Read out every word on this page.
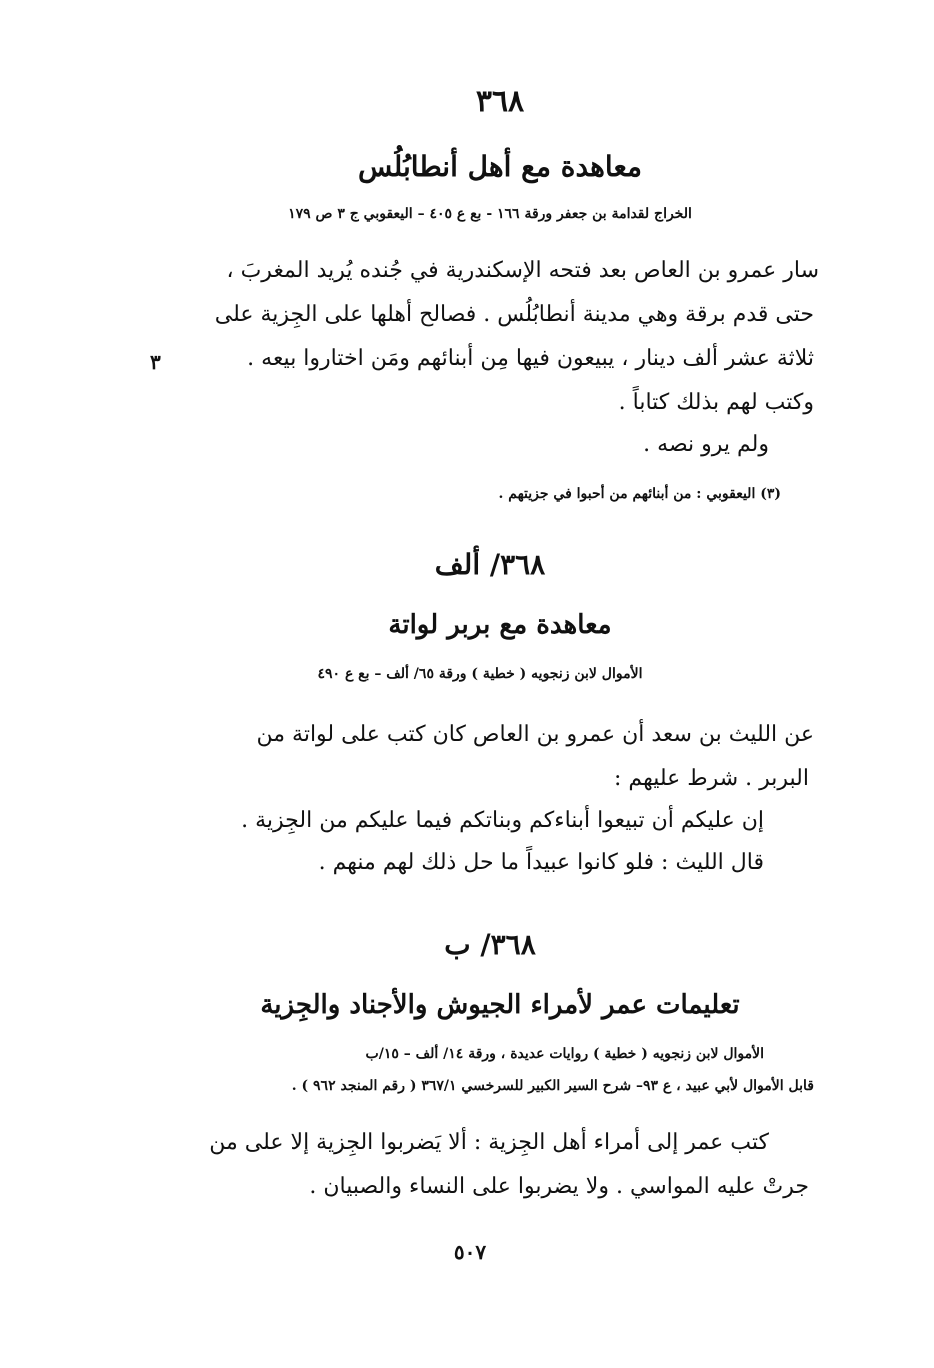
٣٦٨
معاهدة مع أهل أنطابُلُس
الخراج لقدامة بن جعفر ورقة ١٦٦ - بع ع ٤٠٥ – اليعقوبي ج ٣ ص ١٧٩
سار عمرو بن العاص بعد فتحه الإسكندرية في جُنده يُريد المغربَ ،
حتى قدم برقة وهي مدينة أنطابُلُس . فصالح أهلها على الجِزية على
ثلاثة عشر ألف دينار ، يبيعون فيها مِن أبنائهم ومَن اختاروا بيعه .
٣
وكتب لهم بذلك كتاباً .
ولم يرو نصه .
(٣) اليعقوبي : من أبنائهم من أحبوا في جزيتهم .
٣٦٨/ ألف
معاهدة مع بربر لواتة
الأموال لابن زنجويه ( خطية ) ورقة ٦٥/ ألف – بع ع ٤٩٠
عن الليث بن سعد أن عمرو بن العاص كان كتب على لواتة من
البربر . شرط عليهم :
إن عليكم أن تبيعوا أبناءكم وبناتكم فيما عليكم من الجِزية .
قال الليث : فلو كانوا عبيداً ما حل ذلك لهم منهم .
٣٦٨/ ب
تعليمات عمر لأمراء الجيوش والأجناد والجِزية
الأموال لابن زنجويه ( خطية ) روايات عديدة ، ورقة ١٤/ ألف – ١٥/ب
قابل الأموال لأبي عبيد ، ع ٩٣– شرح السير الكبير للسرخسي ٣٦٧/١ ( رقم المنجد ٩٦٢ ) .
كتب عمر إلى أمراء أهل الجِزية : ألا يَضربوا الجِزية إلا على من
جرتْ عليه المواسي . ولا يضربوا على النساء والصبيان .
٥٠٧
